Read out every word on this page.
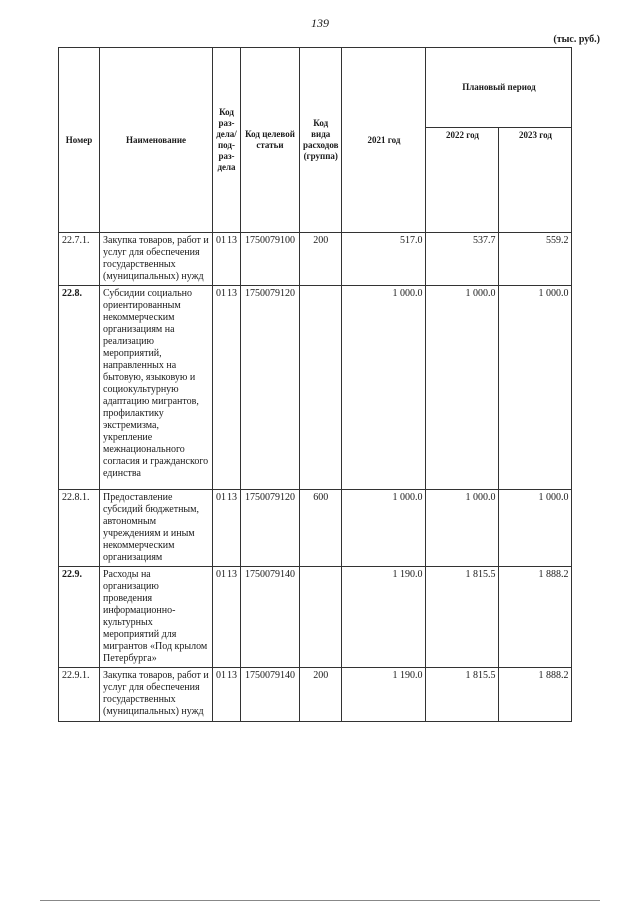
139
(тыс. руб.)
Номер	Наименование	Код раз-дела/ под-раз-дела	Код целевой статьи	Код вида расходов (группа)	2021 год	Плановый период	
						2022 год	2023 год
22.7.1.	Закупка товаров, работ и услуг для обеспечения государственных (муниципальных) нужд	01 13	1750079100	200	517.0	537.7	559.2
22.8.	Субсидии социально ориентированным некоммерческим организациям на реализацию мероприятий, направленных на бытовую, языковую и социокультурную адаптацию мигрантов, профилактику экстремизма, укрепление межнационального согласия и гражданского единства	01 13	1750079120		1 000.0	1 000.0	1 000.0
22.8.1.	Предоставление субсидий бюджетным, автономным учреждениям и иным некоммерческим организациям	01 13	1750079120	600	1 000.0	1 000.0	1 000.0
22.9.	Расходы на организацию проведения информационно-культурных мероприятий для мигрантов «Под крылом Петербурга»	01 13	1750079140		1 190.0	1 815.5	1 888.2
22.9.1.	Закупка товаров, работ и услуг для обеспечения государственных (муниципальных) нужд	01 13	1750079140	200	1 190.0	1 815.5	1 888.2
